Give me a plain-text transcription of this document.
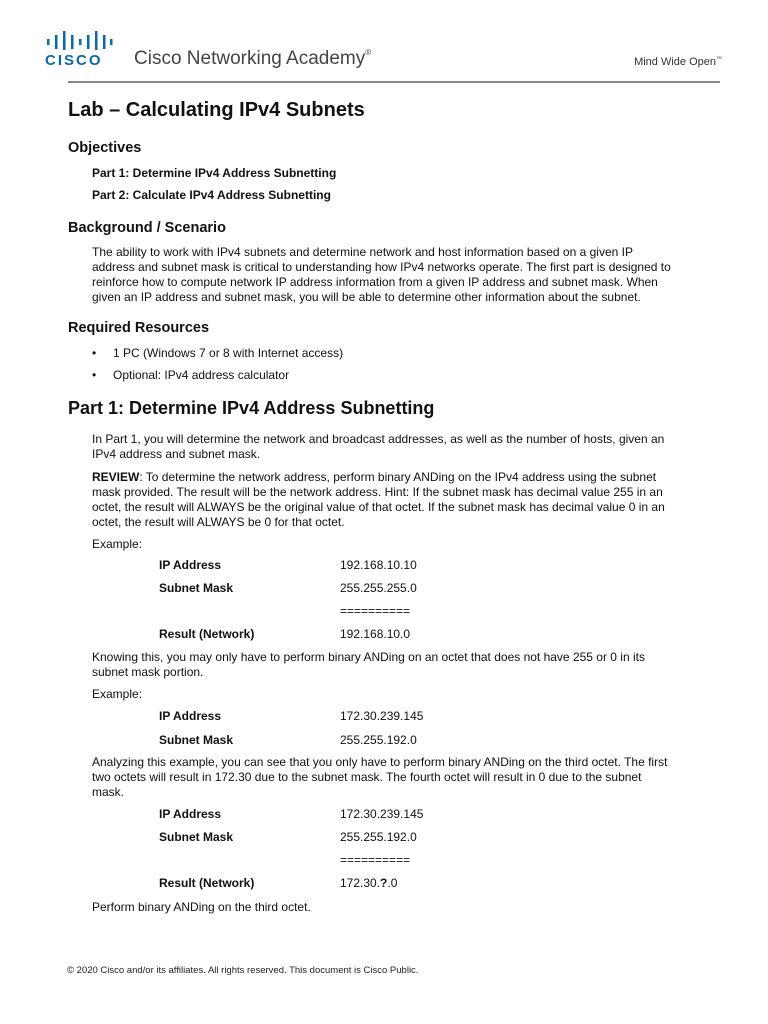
CISCO Cisco Networking Academy®
Mind Wide Open™
Lab – Calculating IPv4 Subnets
Objectives
Part 1: Determine IPv4 Address Subnetting
Part 2: Calculate IPv4 Address Subnetting
Background / Scenario
The ability to work with IPv4 subnets and determine network and host information based on a given IP
address and subnet mask is critical to understanding how IPv4 networks operate. The first part is designed to
reinforce how to compute network IP address information from a given IP address and subnet mask. When
given an IP address and subnet mask, you will be able to determine other information about the subnet.
Required Resources
• 1 PC (Windows 7 or 8 with Internet access)
• Optional: IPv4 address calculator
Part 1: Determine IPv4 Address Subnetting
In Part 1, you will determine the network and broadcast addresses, as well as the number of hosts, given an
IPv4 address and subnet mask.
REVIEW: To determine the network address, perform binary ANDing on the IPv4 address using the subnet
mask provided. The result will be the network address. Hint: If the subnet mask has decimal value 255 in an
octet, the result will ALWAYS be the original value of that octet. If the subnet mask has decimal value 0 in an
octet, the result will ALWAYS be 0 for that octet.
Example:
IP Address	192.168.10.10
Subnet Mask	255.255.255.0
==========
Result (Network)	192.168.10.0
Knowing this, you may only have to perform binary ANDing on an octet that does not have 255 or 0 in its
subnet mask portion.
Example:
IP Address	172.30.239.145
Subnet Mask	255.255.192.0
Analyzing this example, you can see that you only have to perform binary ANDing on the third octet. The first
two octets will result in 172.30 due to the subnet mask. The fourth octet will result in 0 due to the subnet
mask.
IP Address	172.30.239.145
Subnet Mask	255.255.192.0
==========
Result (Network)	172.30.?.0
Perform binary ANDing on the third octet.
© 2020 Cisco and/or its affiliates. All rights reserved. This document is Cisco Public.
